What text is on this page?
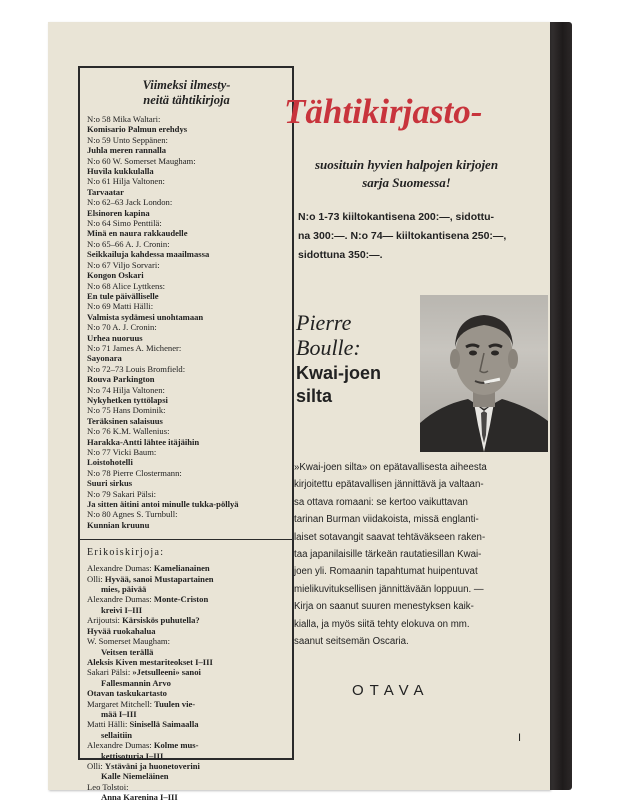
Viimeksi ilmesty-
neitä tähtikirjoja
N:o 58 Mika Waltari:
Komisario Palmun erehdys
N:o 59 Unto Seppänen:
Juhla meren rannalla
N:o 60 W. Somerset Maugham:
Huvila kukkulalla
N:o 61 Hilja Valtonen:
Tarvaatar
N:o 62–63 Jack London:
Elsinoren kapina
N:o 64 Simo Penttilä:
Minä en naura rakkaudelle
N:o 65–66 A. J. Cronin:
Seikkailuja kahdessa maailmassa
N:o 67 Viljo Sorvari:
Kongon Oskari
N:o 68 Alice Lyttkens:
En tule päivälliselle
N:o 69 Matti Hälli:
Valmista sydämesi unohtamaan
N:o 70 A. J. Cronin:
Urhea nuoruus
N:o 71 James A. Michener:
Sayonara
N:o 72–73 Louis Bromfield:
Rouva Parkington
N:o 74 Hilja Valtonen:
Nykyhetken tyttölapsi
N:o 75 Hans Dominik:
Teräksinen salaisuus
N:o 76 K.M. Wallenius:
Harakka-Antti lähtee itäjäihin
N:o 77 Vicki Baum:
Loistohotelli
N:o 78 Pierre Clostermann:
Suuri sirkus
N:o 79 Sakari Pälsi:
Ja sitten äitini antoi minulle tukka-pöllyä
N:o 80 Agnes S. Turnbull:
Kunnian kruunu
Erikoiskirjoja:
Alexandre Dumas: Kamelianainen
Olli: Hyvää, sanoi Mustapartainen
mies, päivää
Alexandre Dumas: Monte-Criston
kreivi I–III
Arijoutsi: Kärsiskös puhutella?
Hyvää ruokahalua
W. Somerset Maugham:
Veitsen terällä
Aleksis Kiven mestariteokset I–III
Sakari Pälsi: »Jetsulleeni» sanoi
Fallesmannin Arvo
Otavan taskukartasto
Margaret Mitchell: Tuulen vie-
mää I–III
Matti Hälli: Sinisellä Saimaalla
sellaitiin
Alexandre Dumas: Kolme mus-
kettisoturia I–III
Olli: Ystäväni ja huonetoverini
Kalle Niemeläinen
Leo Tolstoi:
Anna Karenina I–III
Tähtikirjasto-
suosituin hyvien halpojen kirjojen
sarja Suomessa!
N:o 1-73 kiiltokantisena 200:—, sidottu-
na 300:—. N:o 74— kiiltokantisena 250:—,
sidottuna 350:—.
Pierre
Boulle:
Kwai-joen
silta
»Kwai-joen silta» on epätavallisesta aiheesta
kirjoitettu epätavallisen jännittävä ja valtaan-
sa ottava romaani: se kertoo vaikuttavan
tarinan Burman viidakoista, missä englanti-
laiset sotavangit saavat tehtäväkseen raken-
taa japanilaisille tärkeän rautatiesillan Kwai-
joen yli. Romaanin tapahtumat huipentuvat
mielikuvituksellisen jännittävään loppuun. —
Kirja on saanut suuren menestyksen kaik-
kialla, ja myös siitä tehty elokuva on mm.
saanut seitsemän Oscaria.
OTAVA
I
